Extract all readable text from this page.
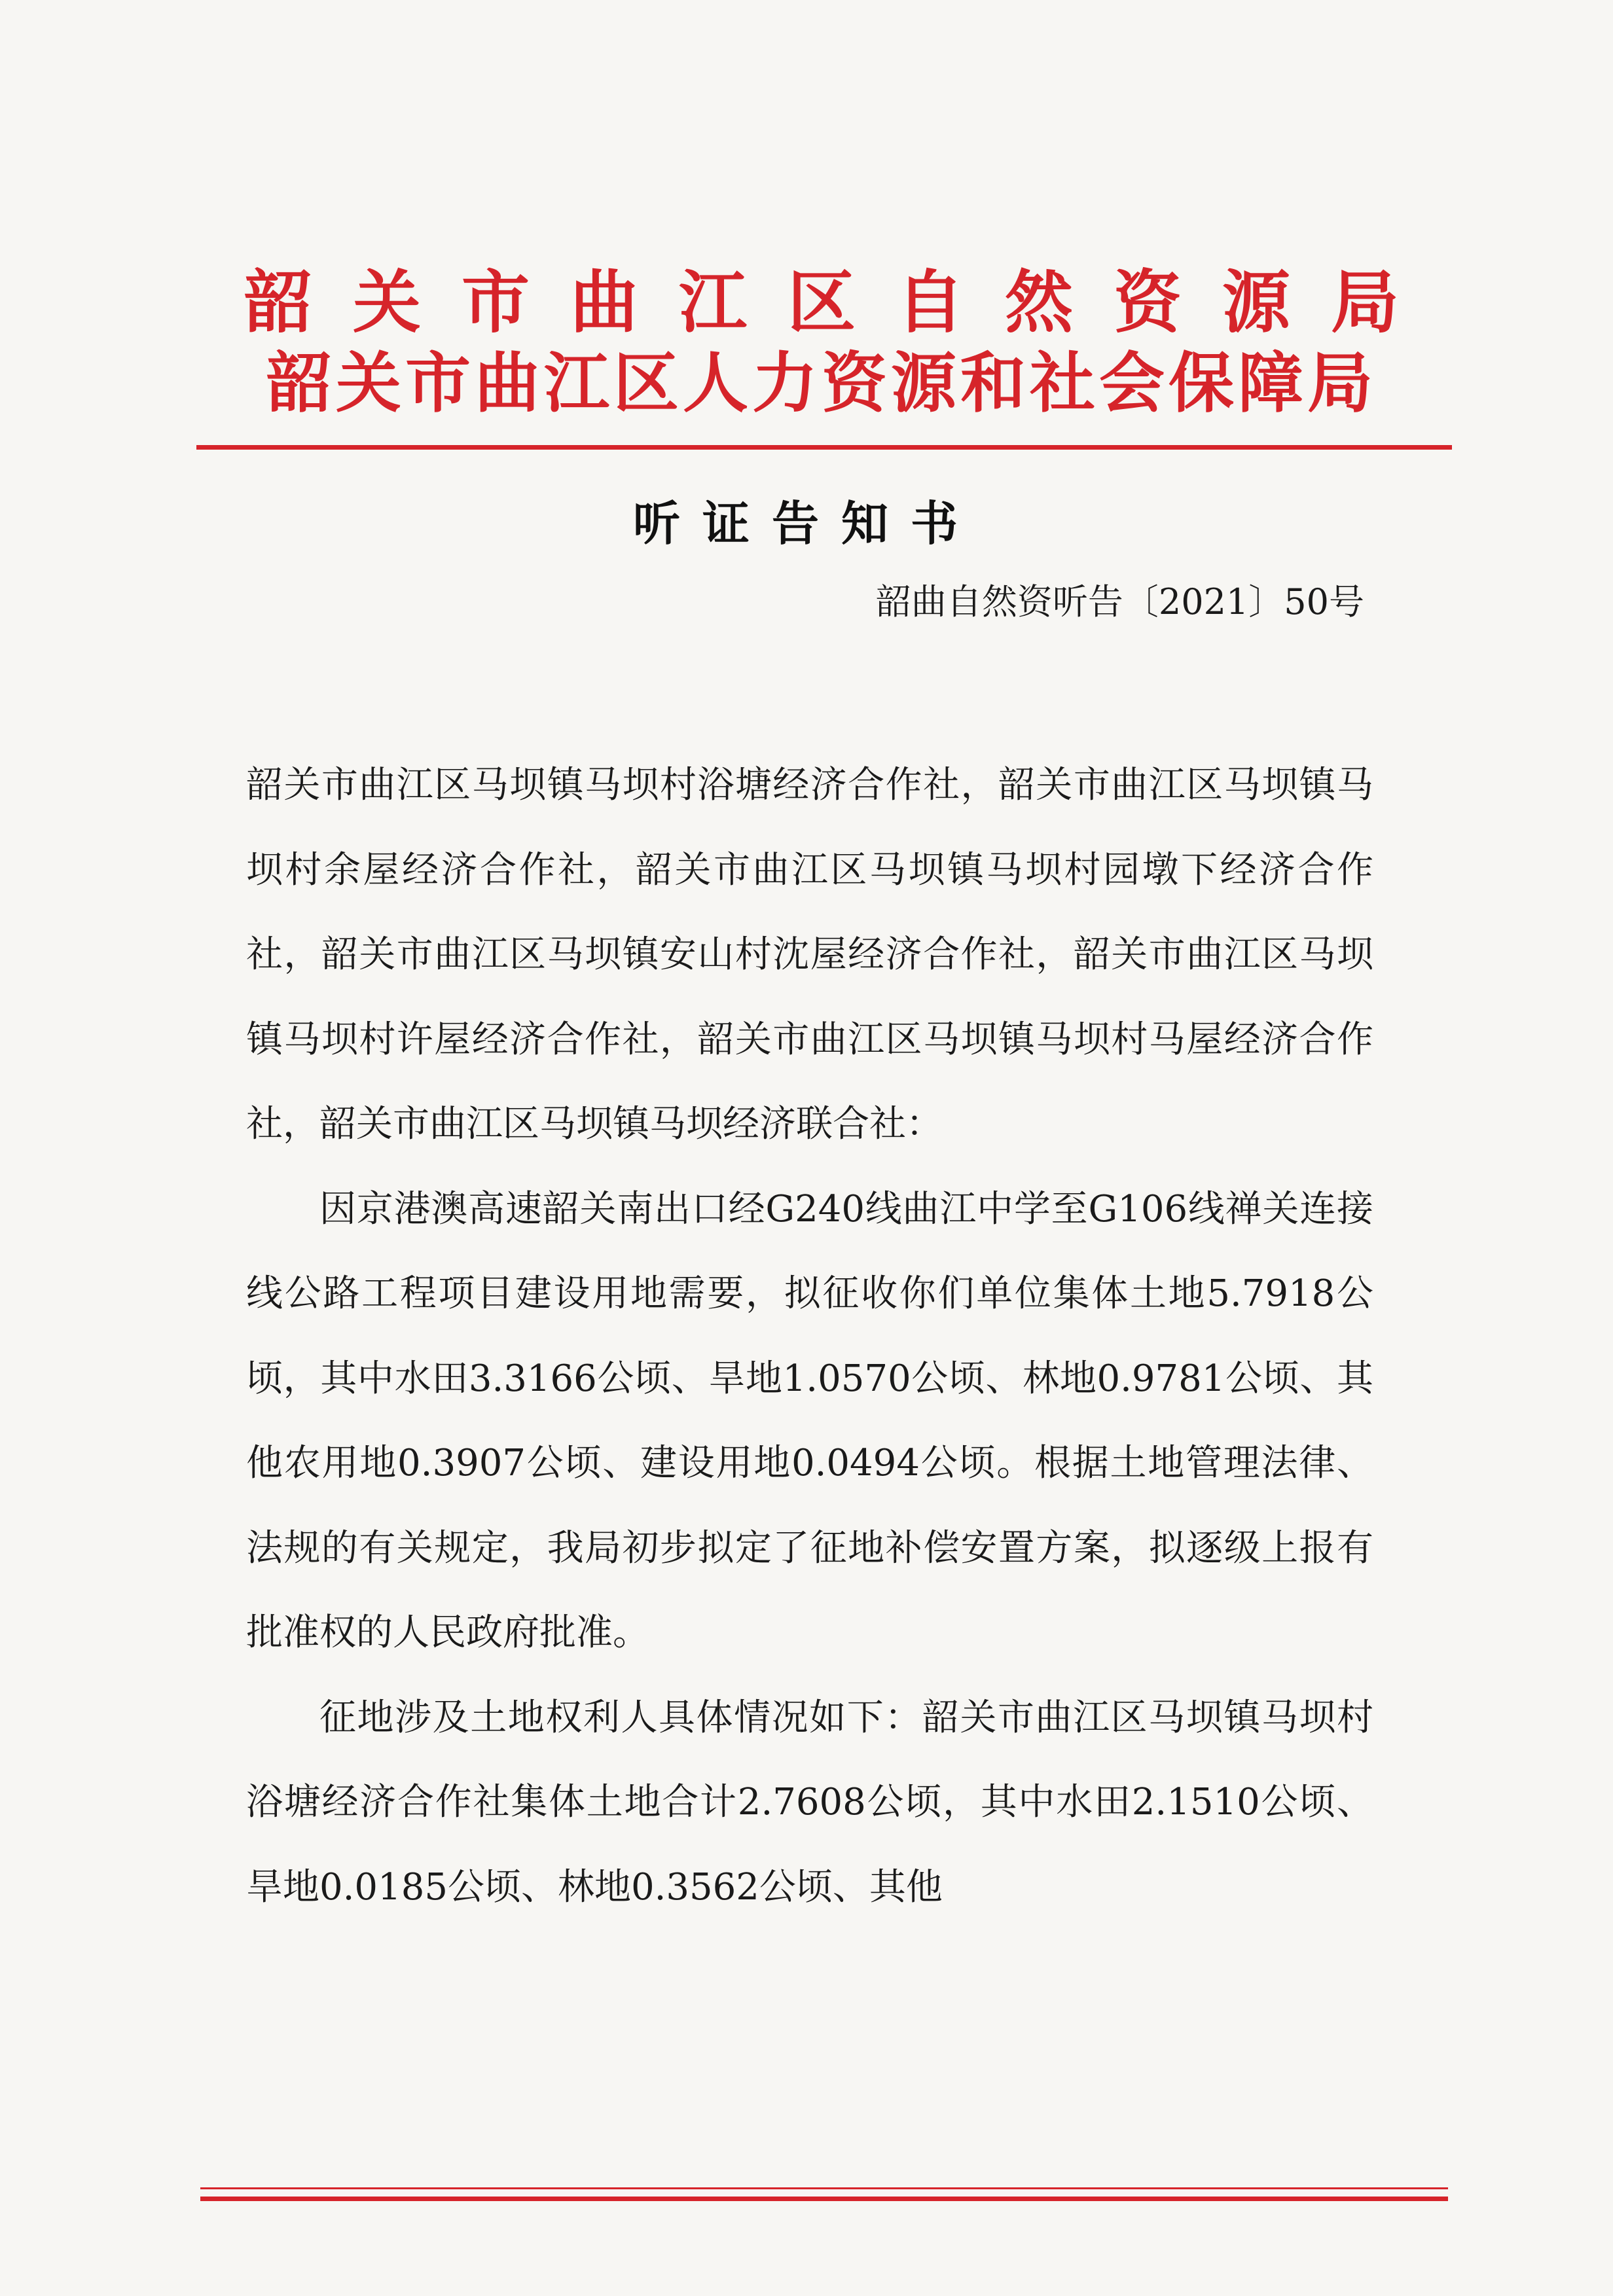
韶关市曲江区自然资源局
韶关市曲江区人力资源和社会保障局
听证告知书
韶曲自然资听告〔2021〕50号

韶关市曲江区马坝镇马坝村浴塘经济合作社，韶关市曲江区马坝镇马坝村余屋经济合作社，韶关市曲江区马坝镇马坝村园墩下经济合作社，韶关市曲江区马坝镇安山村沈屋经济合作社，韶关市曲江区马坝镇马坝村许屋经济合作社，韶关市曲江区马坝镇马坝村马屋经济合作社，韶关市曲江区马坝镇马坝经济联合社：

因京港澳高速韶关南出口经G240线曲江中学至G106线禅关连接线公路工程项目建设用地需要，拟征收你们单位集体土地5.7918公顷，其中水田3.3166公顷、旱地1.0570公顷、林地0.9781公顷、其他农用地0.3907公顷、建设用地0.0494公顷。根据土地管理法律、法规的有关规定，我局初步拟定了征地补偿安置方案，拟逐级上报有批准权的人民政府批准。

征地涉及土地权利人具体情况如下：韶关市曲江区马坝镇马坝村浴塘经济合作社集体土地合计2.7608公顷，其中水田2.1510公顷、旱地0.0185公顷、林地0.3562公顷、其他
